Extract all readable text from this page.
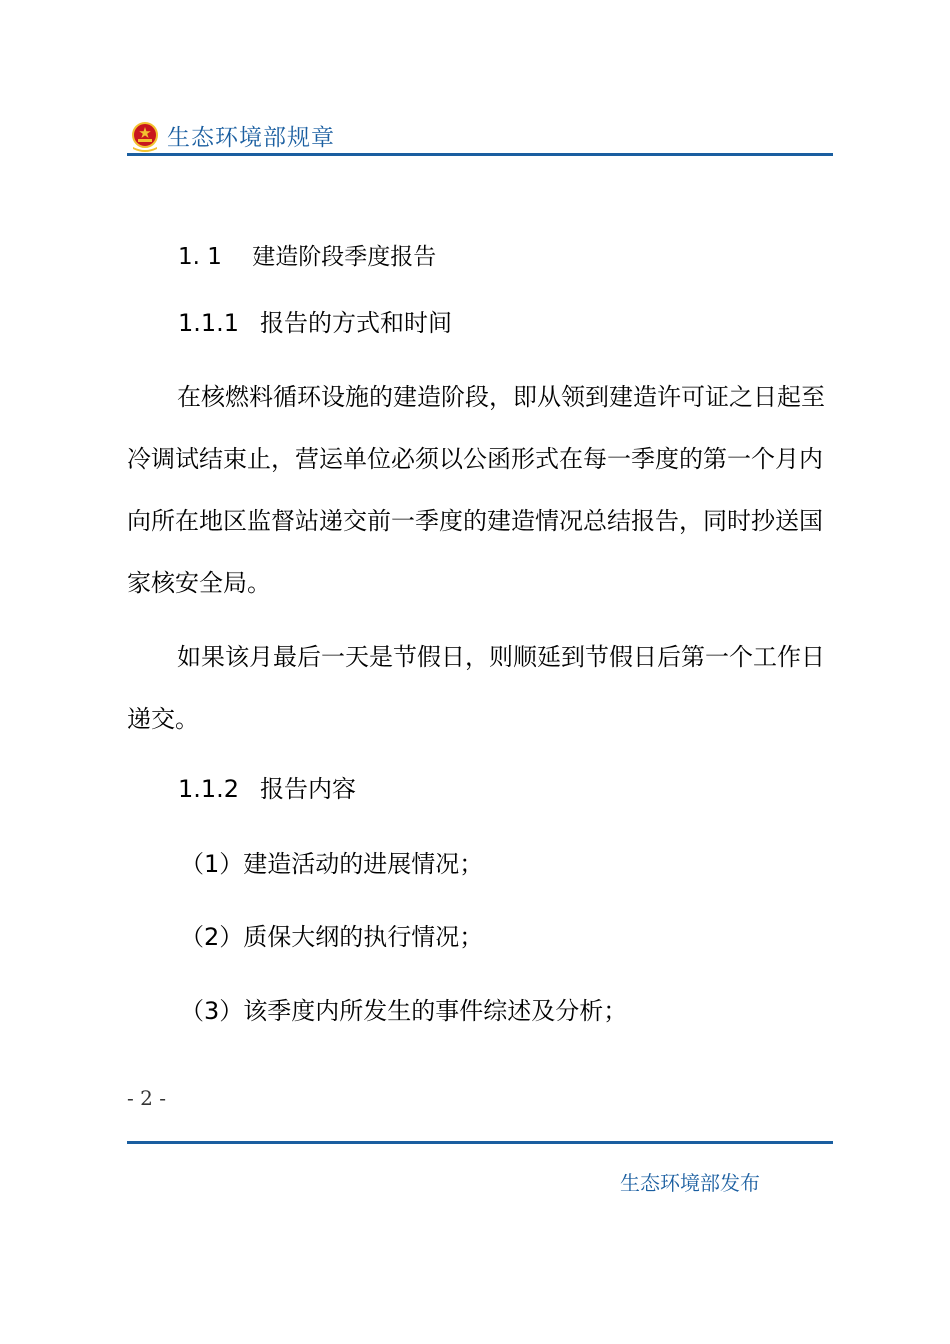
生态环境部规章
1. 1　 建造阶段季度报告
1.1.1 报告的方式和时间
在核燃料循环设施的建造阶段，即从领到建造许可证之日起至冷调试结束止，营运单位必须以公函形式在每一季度的第一个月内向所在地区监督站递交前一季度的建造情况总结报告，同时抄送国家核安全局。
如果该月最后一天是节假日，则顺延到节假日后第一个工作日递交。
1.1.2 报告内容
（1）建造活动的进展情况；
（2）质保大纲的执行情况；
（3）该季度内所发生的事件综述及分析；
- 2 -
生态环境部发布
